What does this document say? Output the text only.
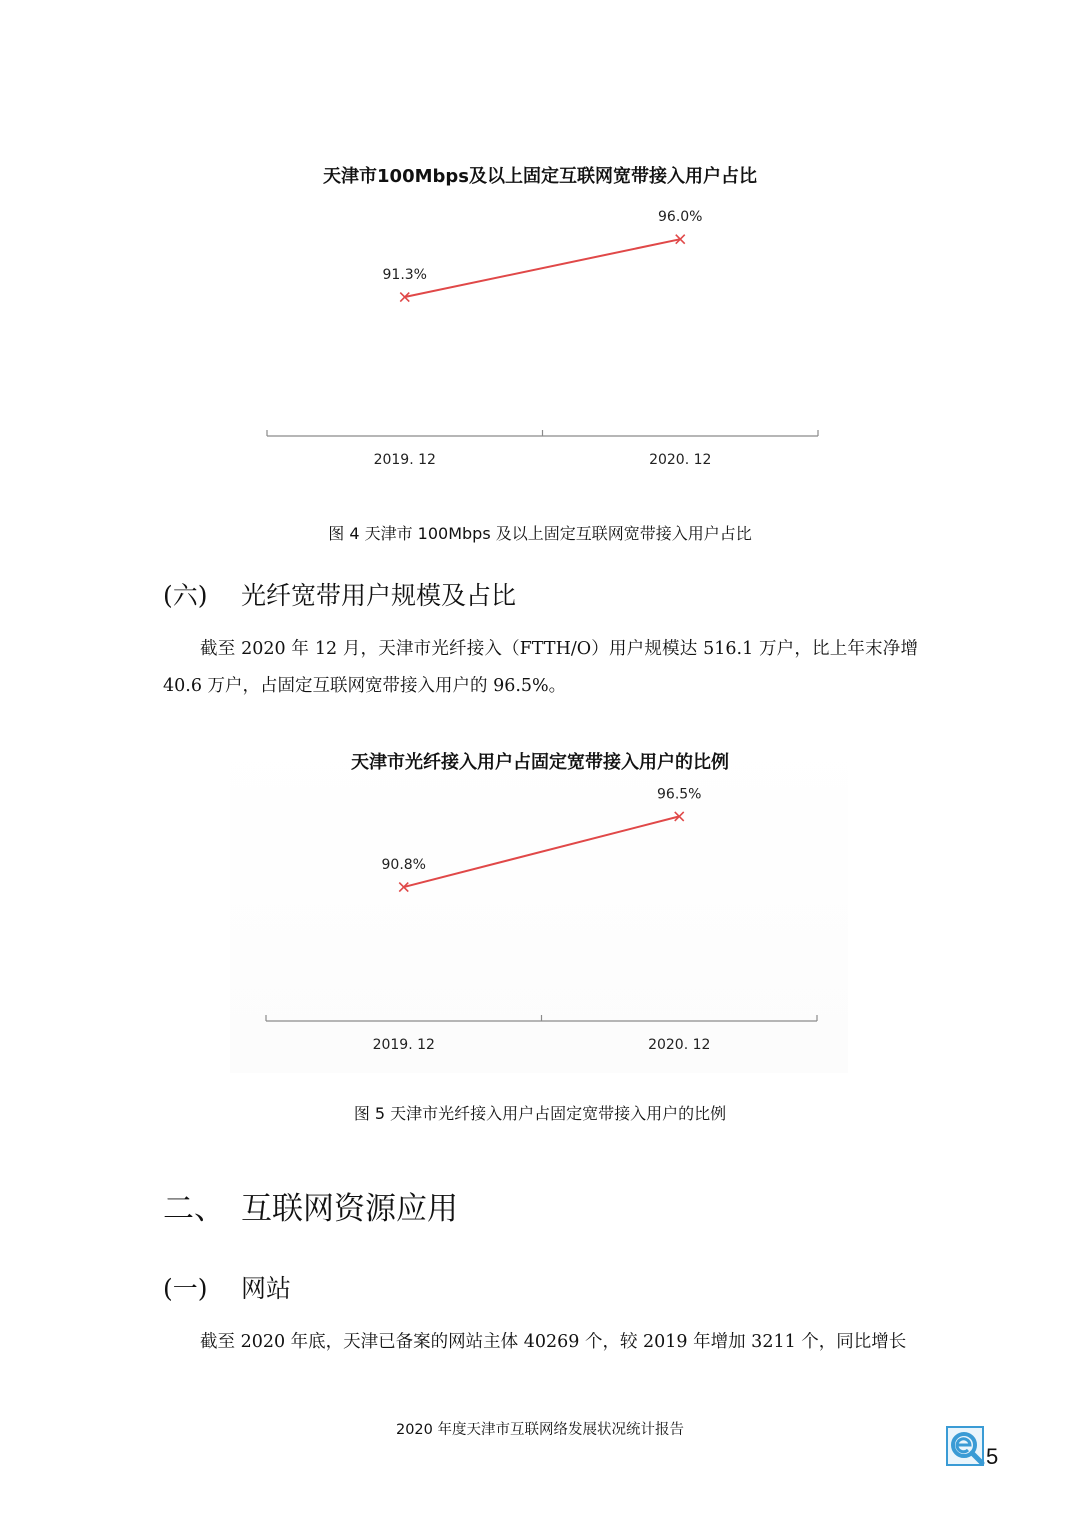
天津市100Mbps及以上固定互联网宽带接入用户占比
2019. 12	2020. 12
91.3%
96.0%
图 4 天津市 100Mbps 及以上固定互联网宽带接入用户占比
(六) 光纤宽带用户规模及占比
截至 2020 年 12 月，天津市光纤接入（FTTH/O）用户规模达 516.1 万户，比上年末净增 40.6 万户，占固定互联网宽带接入用户的 96.5%。
天津市光纤接入用户占固定宽带接入用户的比例
2019. 12	2020. 12
90.8%
96.5%
图 5 天津市光纤接入用户占固定宽带接入用户的比例
二、 互联网资源应用
(一) 网站
截至 2020 年底，天津已备案的网站主体 40269 个，较 2019 年增加 3211 个，同比增长
2020 年度天津市互联网络发展状况统计报告
5
